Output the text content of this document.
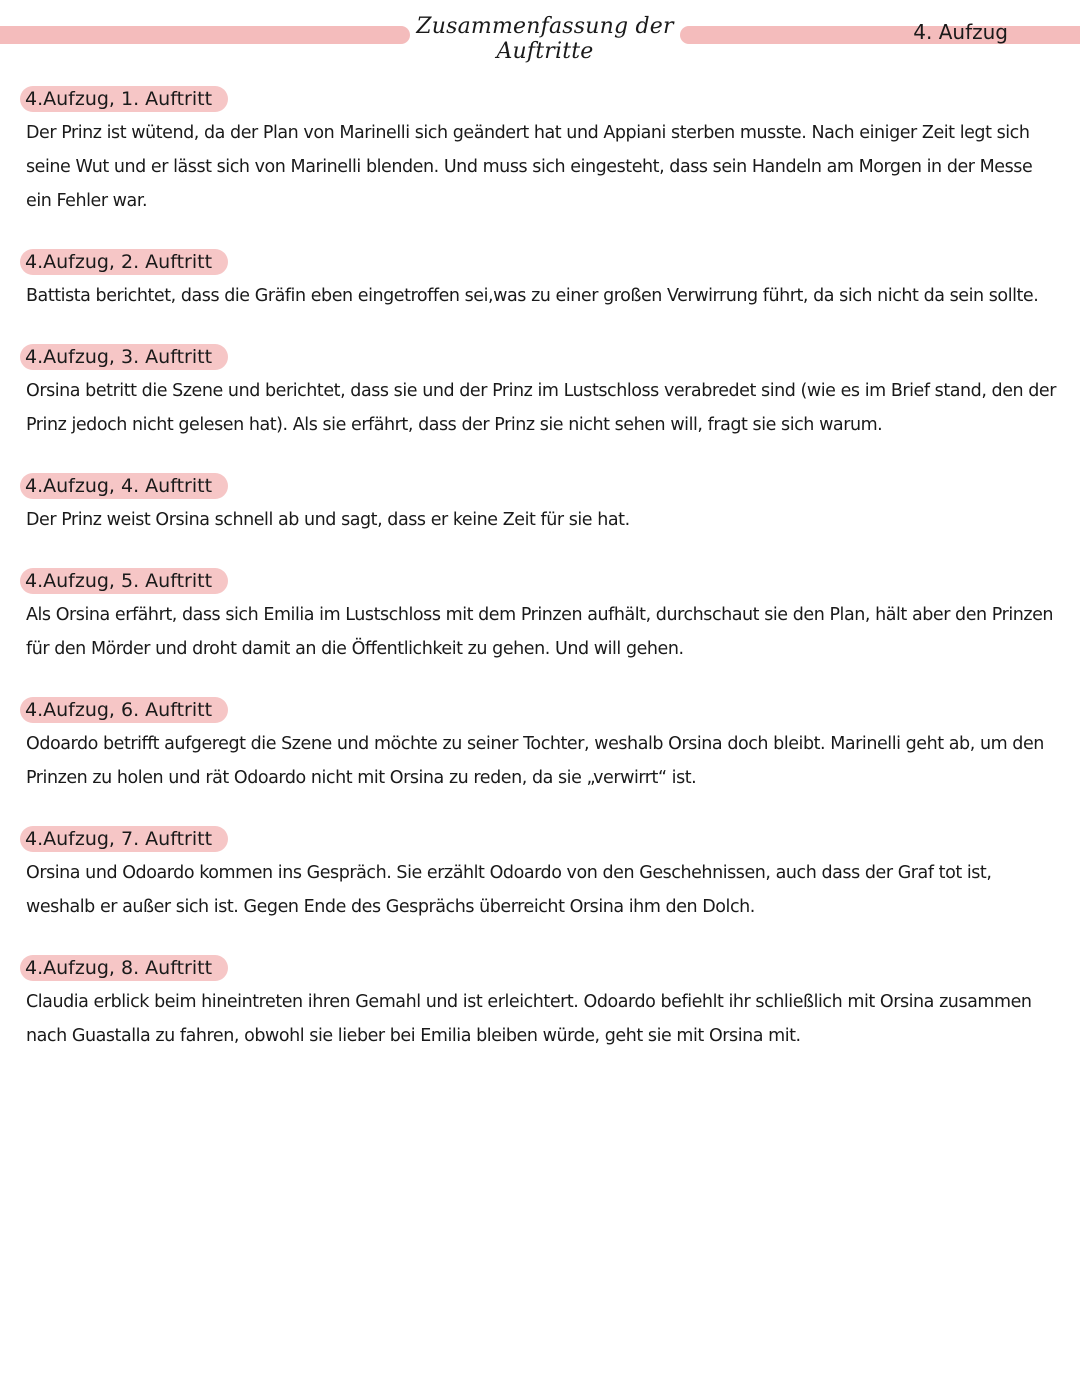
Zusammenfassung der Auftritte
4. Aufzug
4.Aufzug, 1. Auftritt
Der Prinz ist wütend, da der Plan von Marinelli sich geändert hat und Appiani sterben musste. Nach einiger Zeit legt sich seine Wut und er lässt sich von Marinelli blenden. Und muss sich eingesteht, dass sein Handeln am Morgen in der Messe ein Fehler war.
4.Aufzug, 2. Auftritt
Battista berichtet, dass die Gräfin eben eingetroffen sei,was zu einer großen Verwirrung führt, da sich nicht da sein sollte.
4.Aufzug, 3. Auftritt
Orsina betritt die Szene und berichtet, dass sie und der Prinz im Lustschloss verabredet sind (wie es im Brief stand, den der Prinz jedoch nicht gelesen hat). Als sie erfährt, dass der Prinz sie nicht sehen will, fragt sie sich warum.
4.Aufzug, 4. Auftritt
Der Prinz weist Orsina schnell ab und sagt, dass er keine Zeit für sie hat.
4.Aufzug, 5. Auftritt
Als Orsina erfährt, dass sich Emilia im Lustschloss mit dem Prinzen aufhält, durchschaut sie den Plan, hält aber den Prinzen für den Mörder und droht damit an die Öffentlichkeit zu gehen. Und will gehen.
4.Aufzug, 6. Auftritt
Odoardo betrifft aufgeregt die Szene und möchte zu seiner Tochter, weshalb Orsina doch bleibt. Marinelli geht ab, um den Prinzen zu holen und rät Odoardo nicht mit Orsina zu reden, da sie „verwirrt“ ist.
4.Aufzug, 7. Auftritt
Orsina und Odoardo kommen ins Gespräch. Sie erzählt Odoardo von den Geschehnissen, auch dass der Graf tot ist, weshalb er außer sich ist. Gegen Ende des Gesprächs überreicht Orsina ihm den Dolch.
4.Aufzug, 8. Auftritt
Claudia erblick beim hineintreten ihren Gemahl und ist erleichtert. Odoardo befiehlt ihr schließlich mit Orsina zusammen nach Guastalla zu fahren, obwohl sie lieber bei Emilia bleiben würde, geht sie mit Orsina mit.
